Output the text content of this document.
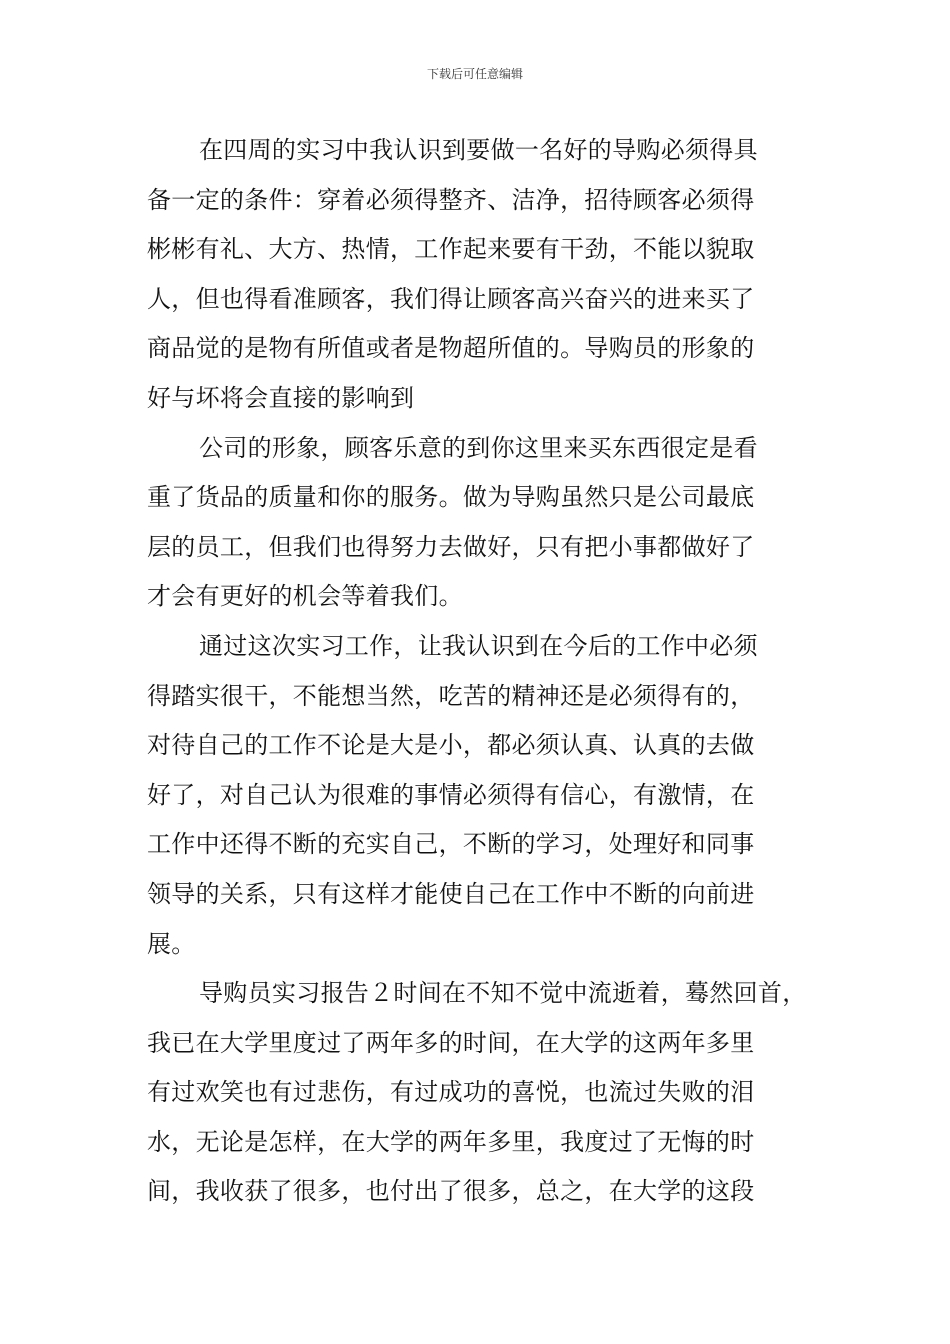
下载后可任意编辑

在四周的实习中我认识到要做一名好的导购必须得具
备一定的条件：穿着必须得整齐、洁净，招待顾客必须得
彬彬有礼、大方、热情，工作起来要有干劲，不能以貌取
人，但也得看准顾客，我们得让顾客高兴奋兴的进来买了
商品觉的是物有所值或者是物超所值的。导购员的形象的
好与坏将会直接的影响到

公司的形象，顾客乐意的到你这里来买东西很定是看
重了货品的质量和你的服务。做为导购虽然只是公司最底
层的员工，但我们也得努力去做好，只有把小事都做好了
才会有更好的机会等着我们。

通过这次实习工作，让我认识到在今后的工作中必须
得踏实很干，不能想当然，吃苦的精神还是必须得有的，
对待自己的工作不论是大是小，都必须认真、认真的去做
好了，对自己认为很难的事情必须得有信心，有激情，在
工作中还得不断的充实自己，不断的学习，处理好和同事
领导的关系，只有这样才能使自己在工作中不断的向前进
展。

导购员实习报告２时间在不知不觉中流逝着，蓦然回首，
我已在大学里度过了两年多的时间，在大学的这两年多里
有过欢笑也有过悲伤，有过成功的喜悦，也流过失败的泪
水，无论是怎样，在大学的两年多里，我度过了无悔的时
间，我收获了很多，也付出了很多，总之，在大学的这段
